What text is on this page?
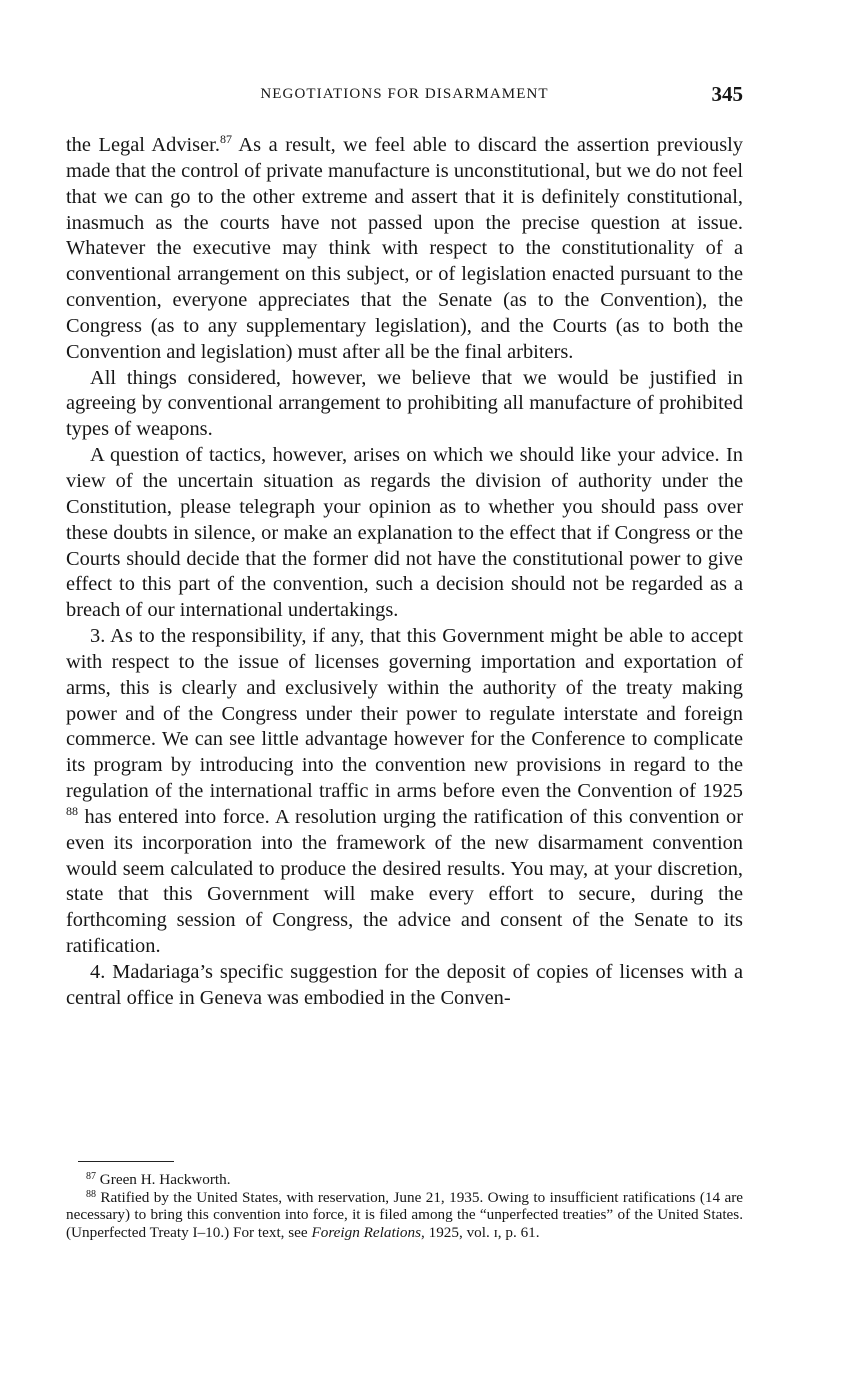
NEGOTIATIONS FOR DISARMAMENT	345

the Legal Adviser.$^{87}$ As a result, we feel able to discard the assertion previously made that the control of private manufacture is unconstitutional, but we do not feel that we can go to the other extreme and assert that it is definitely constitutional, inasmuch as the courts have not passed upon the precise question at issue. Whatever the executive may think with respect to the constitutionality of a conventional arrangement on this subject, or of legislation enacted pursuant to the convention, everyone appreciates that the Senate (as to the Convention), the Congress (as to any supplementary legislation), and the Courts (as to both the Convention and legislation) must after all be the final arbiters.

All things considered, however, we believe that we would be justified in agreeing by conventional arrangement to prohibiting all manufacture of prohibited types of weapons.

A question of tactics, however, arises on which we should like your advice. In view of the uncertain situation as regards the division of authority under the Constitution, please telegraph your opinion as to whether you should pass over these doubts in silence, or make an explanation to the effect that if Congress or the Courts should decide that the former did not have the constitutional power to give effect to this part of the convention, such a decision should not be regarded as a breach of our international undertakings.

3. As to the responsibility, if any, that this Government might be able to accept with respect to the issue of licenses governing importation and exportation of arms, this is clearly and exclusively within the authority of the treaty making power and of the Congress under their power to regulate interstate and foreign commerce. We can see little advantage however for the Conference to complicate its program by introducing into the convention new provisions in regard to the regulation of the international traffic in arms before even the Convention of 1925 $^{88}$ has entered into force. A resolution urging the ratification of this convention or even its incorporation into the framework of the new disarmament convention would seem calculated to produce the desired results. You may, at your discretion, state that this Government will make every effort to secure, during the forthcoming session of Congress, the advice and consent of the Senate to its ratification.

4. Madariaga’s specific suggestion for the deposit of copies of licenses with a central office in Geneva was embodied in the Conven-

$^{87}$ Green H. Hackworth.

$^{88}$ Ratified by the United States, with reservation, June 21, 1935. Owing to insufficient ratifications (14 are necessary) to bring this convention into force, it is filed among the “unperfected treaties” of the United States. (Unperfected Treaty I–10.) For text, see Foreign Relations, 1925, vol. ɪ, p. 61.
